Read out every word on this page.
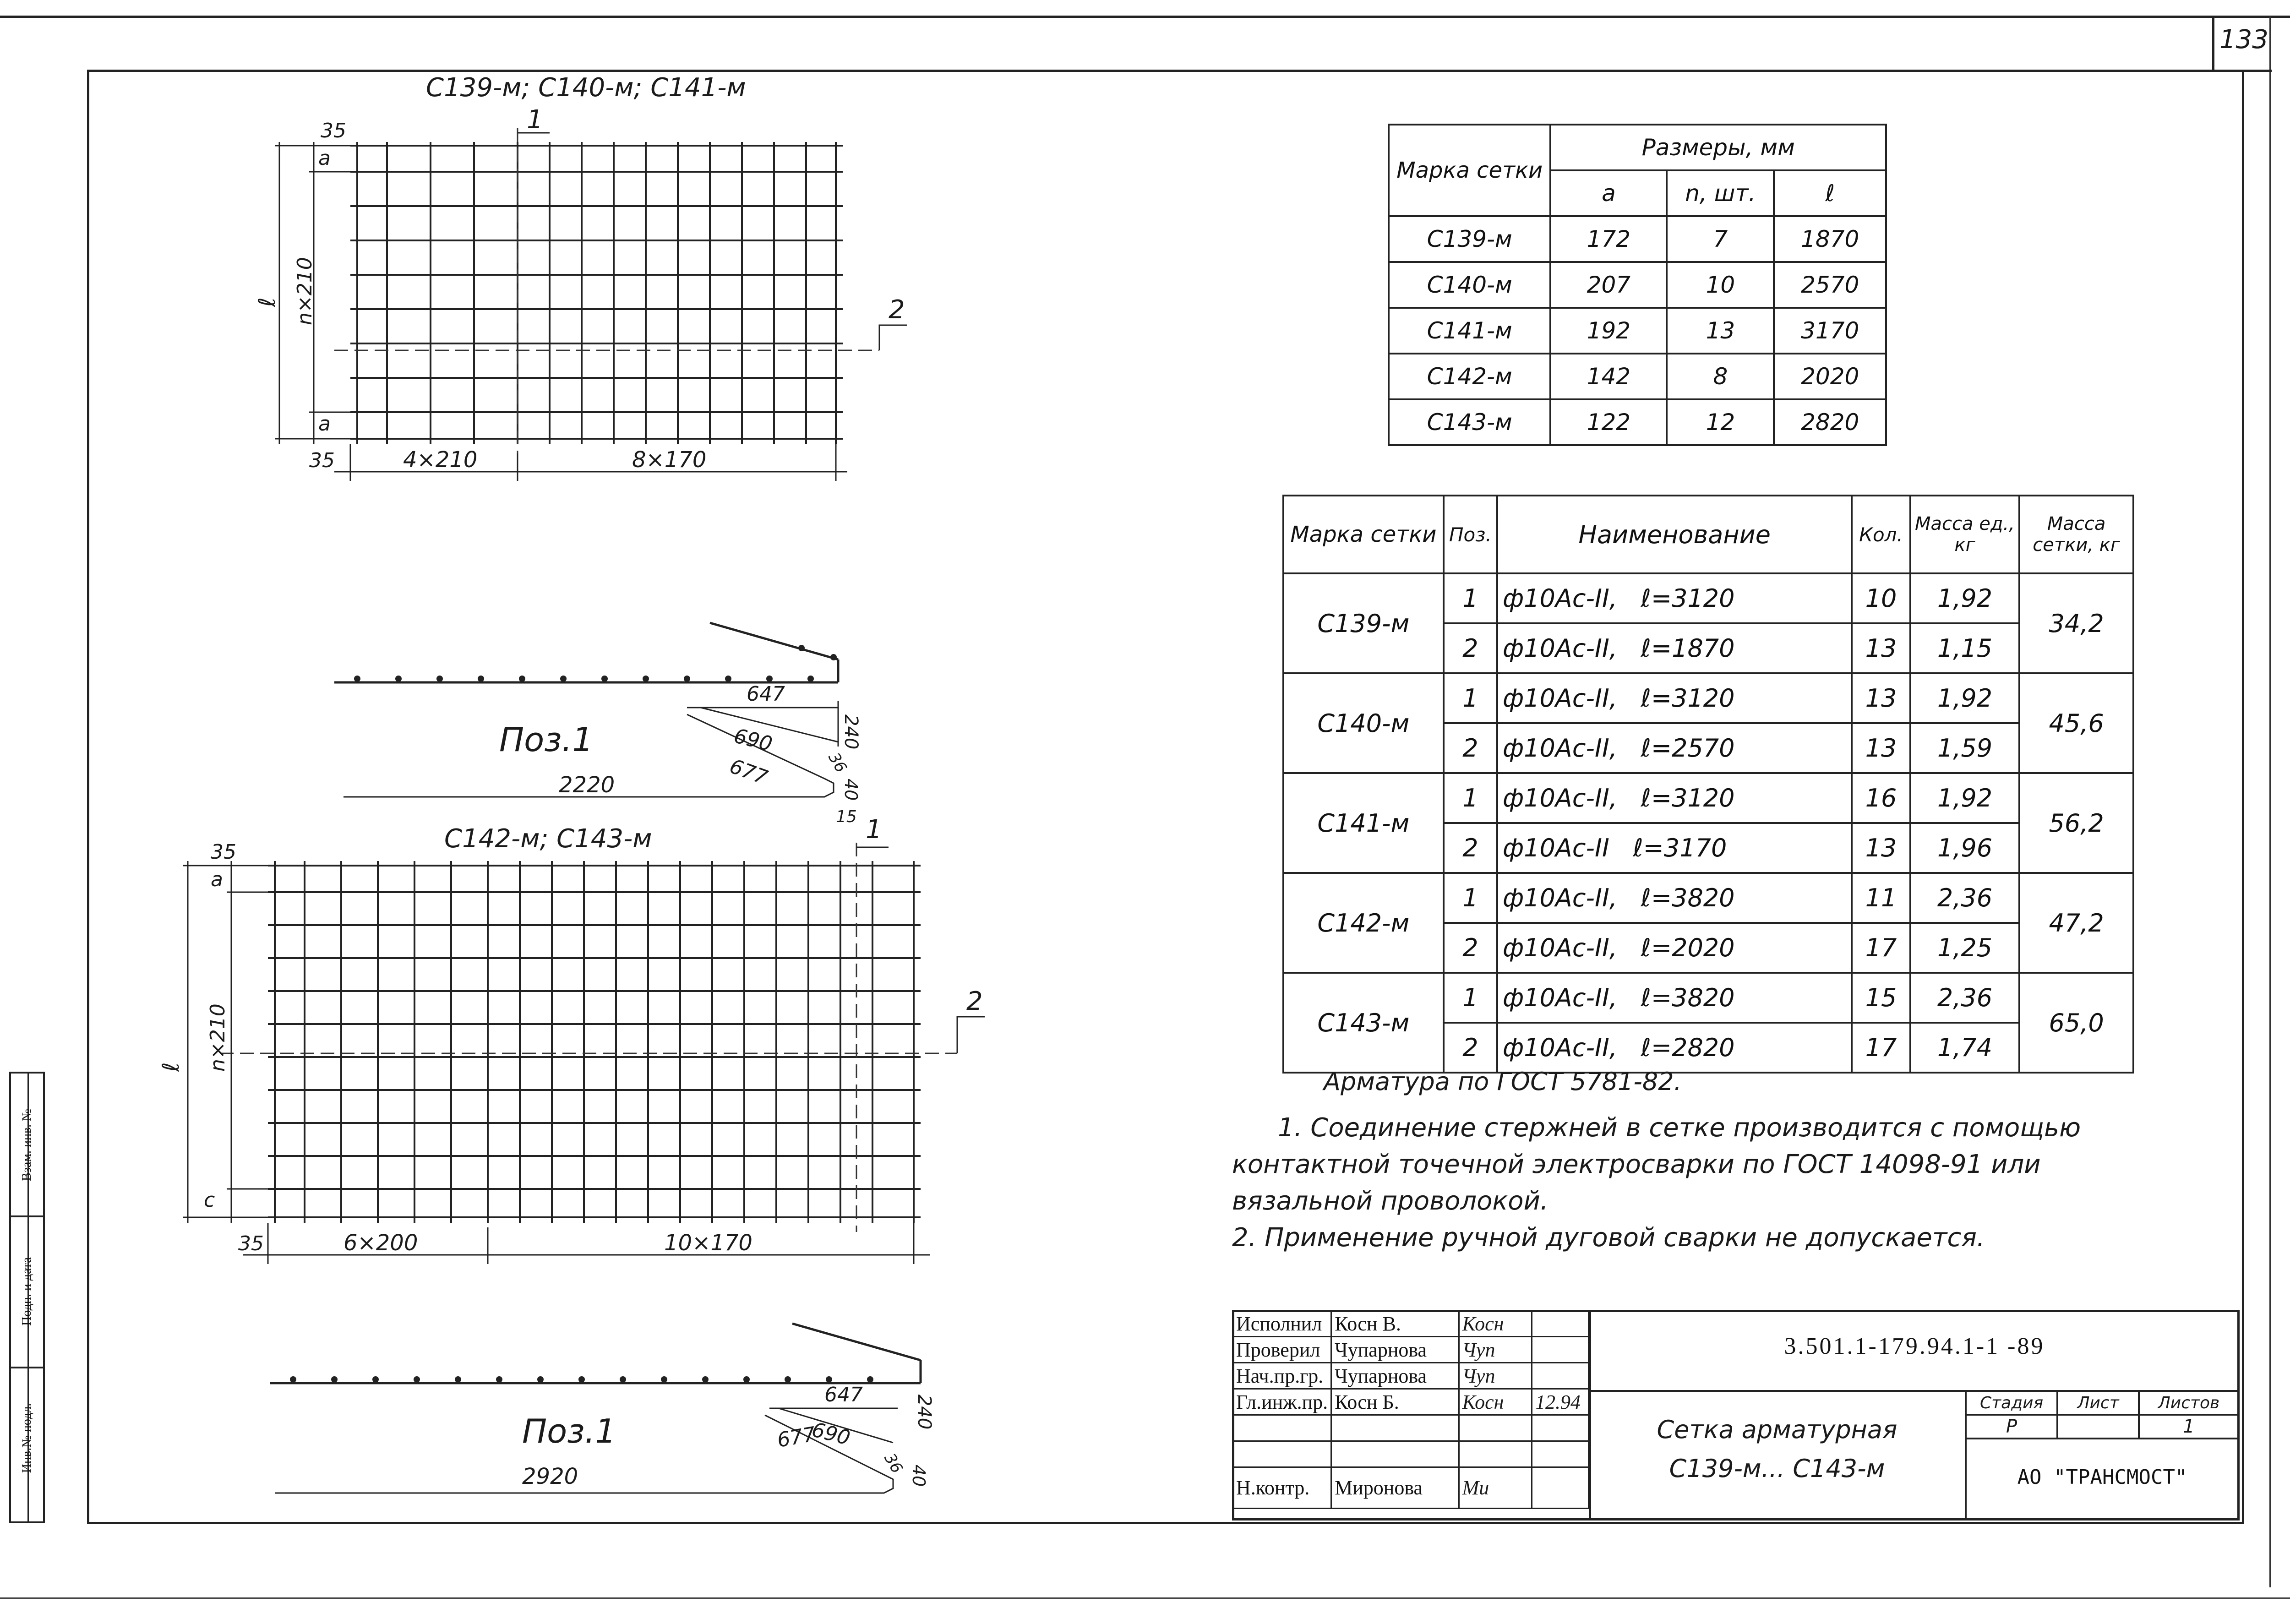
133
Инв.№ подл.
Подп. и дата
Взам. инв. №
С139-м; С140-м; С141-м
1
2
35
a
a
n×210
ℓ
35	4×210	8×170
Поз.1
647
690
677
240
36
40
15
2220
С142-м; С143-м	1
2
35
a
c
n×210
ℓ
35	6×200	10×170
Поз.1
647
690
677
36
2920
240
40
Марка сетки	Размеры, мм		
	a	n, шт.	ℓ
С139-м	172	7	1870
С140-м	207	10	2570
С141-м	192	13	3170
С142-м	142	8	2020
С143-м	122	12	2820
Марка сетки	Поз.	Наименование	Кол.	Масса ед., кг	Масса сетки, кг
С139-м	1	ф10Ас-II, ℓ=3120	10	1,92	34,2
	2	ф10Ас-II, ℓ=1870	13	1,15	
С140-м	1	ф10Ас-II, ℓ=3120	13	1,92	45,6
	2	ф10Ас-II, ℓ=2570	13	1,59	
С141-м	1	ф10Ас-II, ℓ=3120	16	1,92	56,2
	2	ф10Ас-II ℓ=3170	13	1,96	
С142-м	1	ф10Ас-II, ℓ=3820	11	2,36	47,2
	2	ф10Ас-II, ℓ=2020	17	1,25	
С143-м	1	ф10Ас-II, ℓ=3820	15	2,36	65,0
	2	ф10Ас-II, ℓ=2820	17	1,74	
Арматура по ГОСТ 5781-82.
1. Соединение стержней в сетке производится с помощью
контактной точечной электросварки по ГОСТ 14098-91 или
вязальной проволокой.
2. Применение ручной дуговой сварки не допускается.
Исполнил	Косн В.	Косн	
Проверил	Чупарнова	Чуп	
Нач.пр.гр.	Чупарнова	Чуп	
Гл.инж.пр.	Косн Б.	Косн	12.94

Н.контр.	Миронова	Ми	
3.501.1-179.94.1-1 -89
Сетка арматурная
С139-м... С143-м
Стадия	Лист	Листов
Р		1
АО "ТРАНСМОСТ"
